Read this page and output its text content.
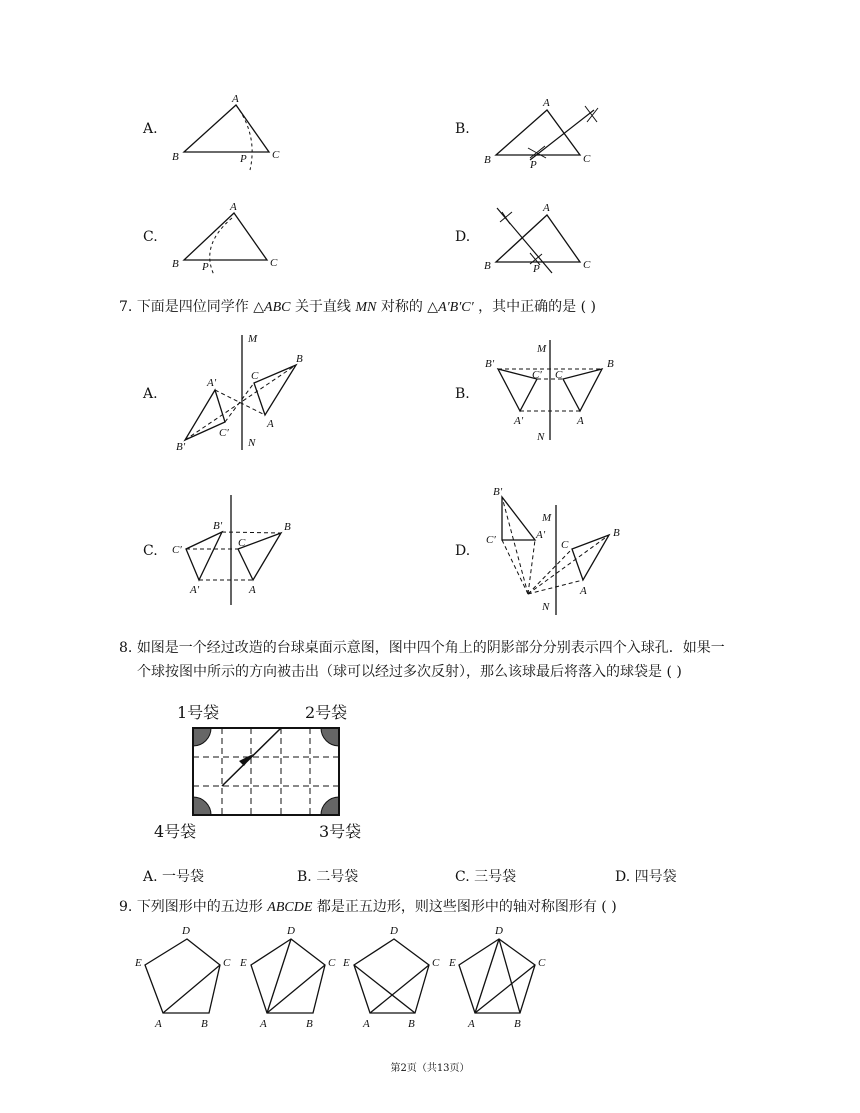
A.
A
B	C
P
B.
A
B	C
P
C.
A
B	C
P
D.
A
B	C
P
7. 下面是四位同学作 △ABC 关于直线 MN 对称的 △A′B′C′ ，其中正确的是 ( )
A.
M
N
B
C
A
A′
B′
C′
B.
M
N
B
C
A
B′
C′
A′
C.
B
C
A
B′
C′
A′
D.
M
N
B
C
A
B′
C′	A′
8. 如图是一个经过改造的台球桌面示意图，图中四个角上的阴影部分分别表示四个入球孔．如果一
个球按图中所示的方向被击出（球可以经过多次反射），那么该球最后将落入的球袋是 ( )
1号袋	2号袋
4号袋	3号袋
A. 一号袋	B. 二号袋	C. 三号袋	D. 四号袋
9. 下列图形中的五边形 ABCDE 都是正五边形，则这些图形中的轴对称图形有 ( )
D
E	C
A	B
D
E	C
A	B
D
E	C
A	B
D
E	C
A	B
第2页（共13页）
